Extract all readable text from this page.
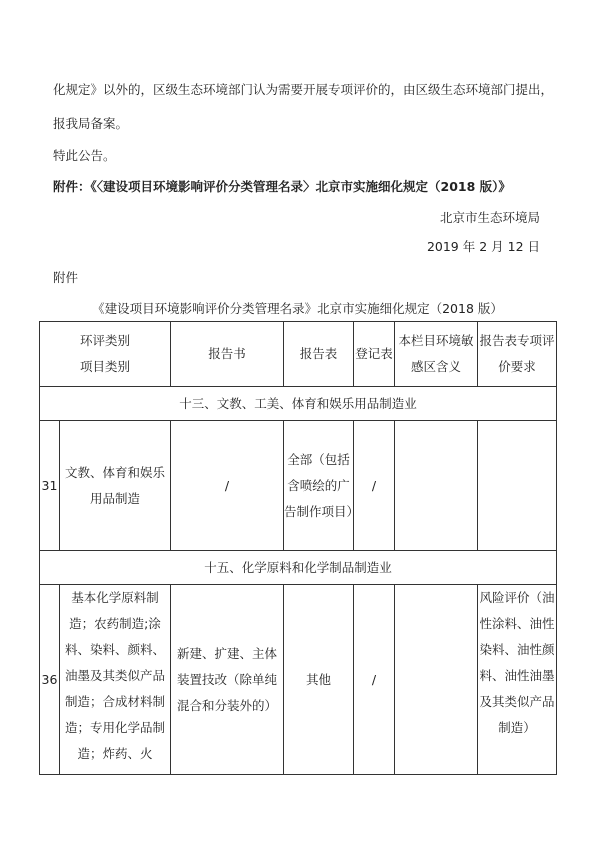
化规定》以外的，区级生态环境部门认为需要开展专项评价的，由区级生态环境部门提出，
报我局备案。
特此公告。
附件：《〈建设项目环境影响评价分类管理名录〉北京市实施细化规定（2018 版）》
北京市生态环境局
2019 年 2 月 12 日
附件
《建设项目环境影响评价分类管理名录》北京市实施细化规定（2018 版）
环评类别
项目类别		报告书	报告表	登记表	本栏目环境敏感区含义	报告表专项评价要求
十三、文教、工美、体育和娱乐用品制造业						
31	文教、体育和娱乐用品制造	/	全部（包括含喷绘的广告制作项目）	/		
十五、化学原料和化学制品制造业						
36	基本化学原料制造；农药制造;涂料、染料、颜料、油墨及其类似产品制造；合成材料制造；专用化学品制造；炸药、火	新建、扩建、主体装置技改（除单纯混合和分装外的）	其他	/		风险评价（油性涂料、油性染料、油性颜料、油性油墨及其类似产品制造）
